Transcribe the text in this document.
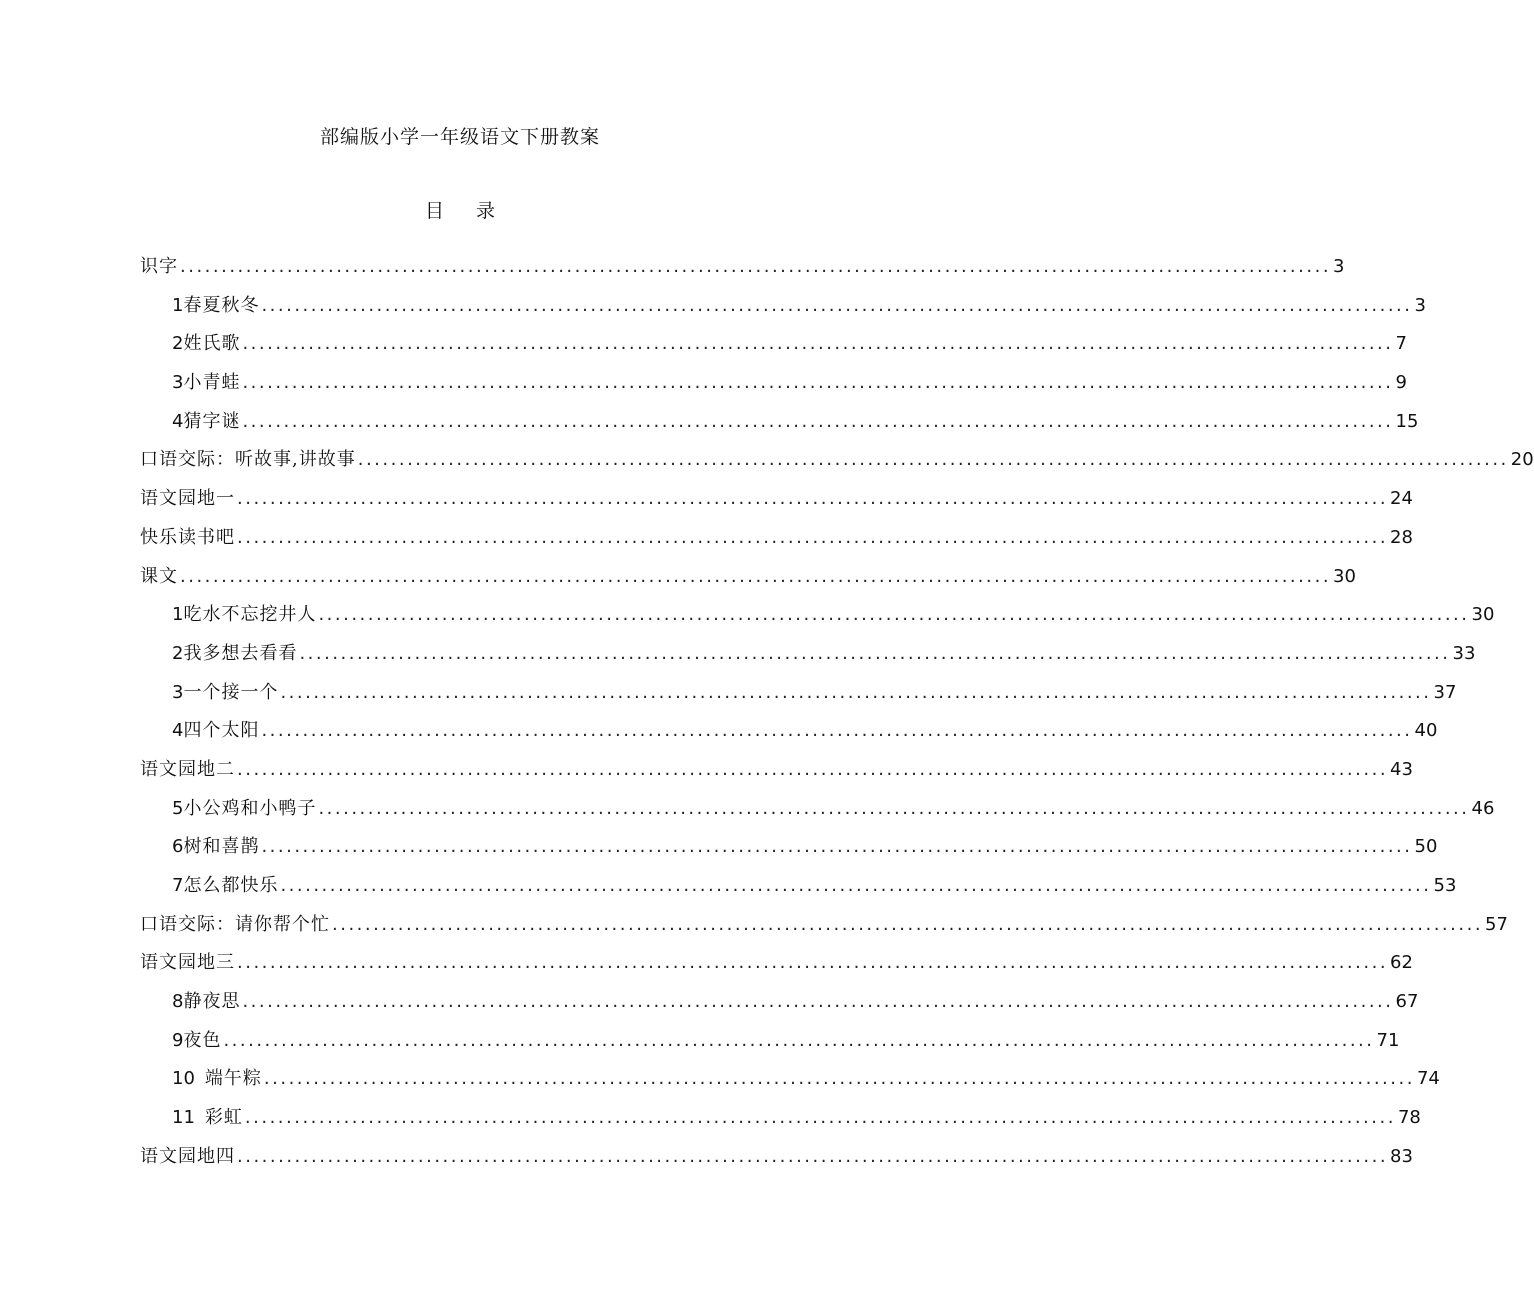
部编版小学一年级语文下册教案
目 录
识字 ............................................................................................................................................ 3
1 春夏秋冬 ............................................................................................................................................ 3
2 姓氏歌 ............................................................................................................................................ 7
3 小青蛙 ............................................................................................................................................ 9
4 猜字谜 ............................................................................................................................................ 15
口语交际：听故事,讲故事 ............................................................................................................................................ 20
语文园地一 ............................................................................................................................................ 24
快乐读书吧 ............................................................................................................................................ 28
课文 ............................................................................................................................................ 30
1 吃水不忘挖井人 ............................................................................................................................................ 30
2 我多想去看看 ............................................................................................................................................ 33
3 一个接一个 ............................................................................................................................................ 37
4 四个太阳 ............................................................................................................................................ 40
语文园地二 ............................................................................................................................................ 43
5 小公鸡和小鸭子 ............................................................................................................................................ 46
6 树和喜鹊 ............................................................................................................................................ 50
7 怎么都快乐 ............................................................................................................................................ 53
口语交际：请你帮个忙 ............................................................................................................................................ 57
语文园地三 ............................................................................................................................................ 62
8 静夜思 ............................................................................................................................................ 67
9 夜色 ............................................................................................................................................ 71
10 端午粽 ............................................................................................................................................ 74
11 彩虹 ............................................................................................................................................ 78
语文园地四 ............................................................................................................................................ 83
